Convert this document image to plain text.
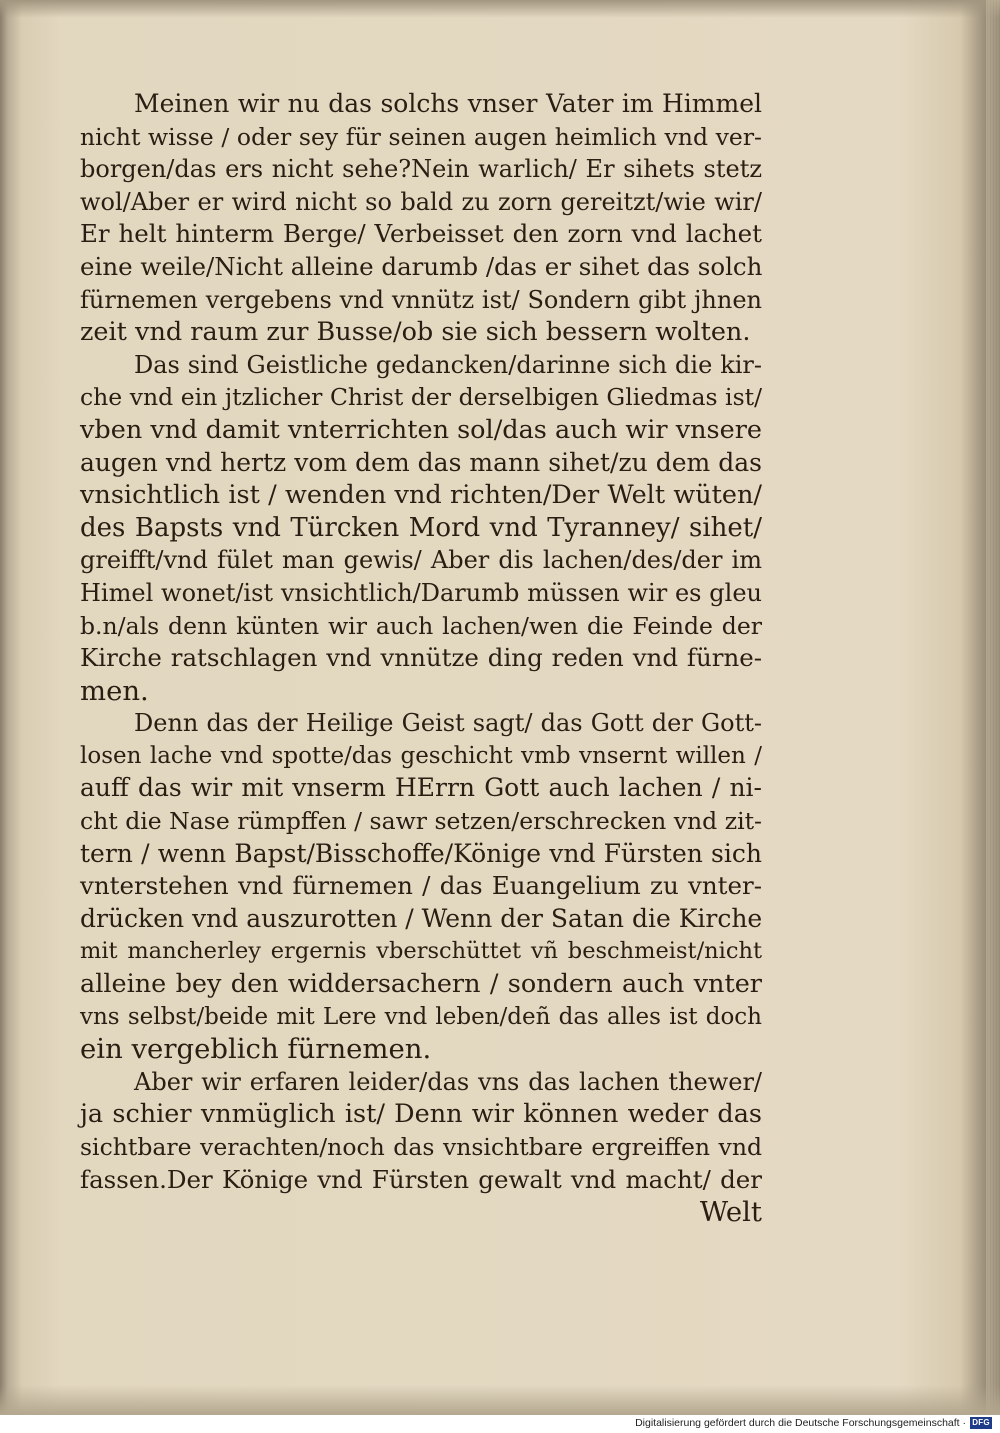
Meinen wir nu das solchs vnser Vater im Himmel
nicht wisse / oder sey für seinen augen heimlich vnd ver-
borgen/das ers nicht sehe?Nein warlich/ Er sihets stetz
wol/Aber er wird nicht so bald zu zorn gereitzt/wie wir/
Er helt hinterm Berge/ Verbeisset den zorn vnd lachet
eine weile/Nicht alleine darumb /das er sihet das solch
fürnemen vergebens vnd vnnütz ist/ Sondern gibt jhnen
zeit vnd raum zur Busse/ob sie sich bessern wolten.
Das sind Geistliche gedancken/darinne sich die kir-
che vnd ein jtzlicher Christ der derselbigen Gliedmas ist/
vben vnd damit vnterrichten sol/das auch wir vnsere
augen vnd hertz vom dem das mann sihet/zu dem das
vnsichtlich ist / wenden vnd richten/Der Welt wüten/
des Bapsts vnd Türcken Mord vnd Tyranney/ sihet/
greifft/vnd fület man gewis/ Aber dis lachen/des/der im
Himel wonet/ist vnsichtlich/Darumb müssen wir es gleu
b.n/als denn künten wir auch lachen/wen die Feinde der
Kirche ratschlagen vnd vnnütze ding reden vnd fürne-
men.
Denn das der Heilige Geist sagt/ das Gott der Gott-
losen lache vnd spotte/das geschicht vmb vnsernt willen /
auff das wir mit vnserm HErrn Gott auch lachen / ni-
cht die Nase rümpffen / sawr setzen/erschrecken vnd zit-
tern / wenn Bapst/Bisschoffe/Könige vnd Fürsten sich
vnterstehen vnd fürnemen / das Euangelium zu vnter-
drücken vnd auszurotten / Wenn der Satan die Kirche
mit mancherley ergernis vberschüttet vñ beschmeist/nicht
alleine bey den widdersachern / sondern auch vnter
vns selbst/beide mit Lere vnd leben/deñ das alles ist doch
ein vergeblich fürnemen.
Aber wir erfaren leider/das vns das lachen thewer/
ja schier vnmüglich ist/ Denn wir können weder das
sichtbare verachten/noch das vnsichtbare ergreiffen vnd
fassen.Der Könige vnd Fürsten gewalt vnd macht/ der
Welt
Digitalisierung gefördert durch die Deutsche Forschungsgemeinschaft · DFG
